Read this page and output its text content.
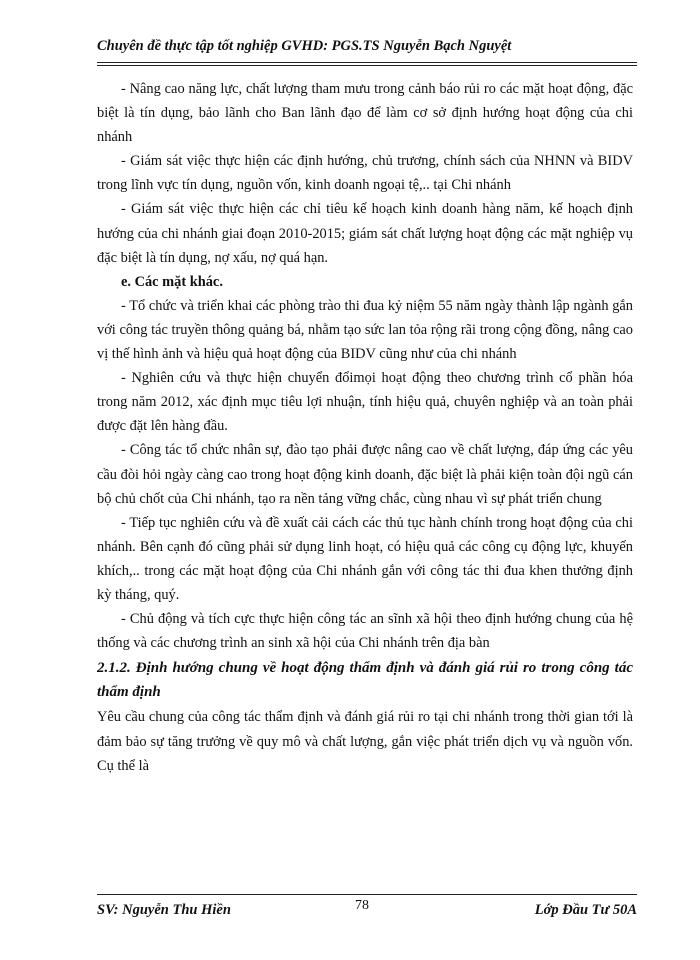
Chuyên đề thực tập tốt nghiệp GVHD: PGS.TS Nguyễn Bạch Nguyệt

- Nâng cao năng lực, chất lượng tham mưu trong cảnh báo rủi ro các mặt hoạt động, đặc biệt là tín dụng, bảo lãnh cho Ban lãnh đạo để làm cơ sở định hướng hoạt động của chi nhánh

- Giám sát việc thực hiện các định hướng, chủ trương, chính sách của NHNN và BIDV trong lĩnh vực tín dụng, nguồn vốn, kinh doanh ngoại tệ,.. tại Chi nhánh

- Giám sát việc thực hiện các chỉ tiêu kế hoạch kinh doanh hàng năm, kế hoạch định hướng của chi nhánh giai đoạn 2010-2015; giám sát chất lượng hoạt động các mặt nghiệp vụ đặc biệt là tín dụng, nợ xấu, nợ quá hạn.

e. Các mặt khác.

- Tổ chức và triển khai các phòng trào thi đua kỷ niệm 55 năm ngày thành lập ngành gắn với công tác truyền thông quảng bá, nhằm tạo sức lan tỏa rộng rãi trong cộng đồng, nâng cao vị thế hình ảnh và hiệu quả hoạt động của BIDV cũng như của chi nhánh

- Nghiên cứu và thực hiện chuyển đổimọi hoạt động theo chương trình cổ phần hóa trong năm 2012, xác định mục tiêu lợi nhuận, tính hiệu quả, chuyên nghiệp và an toàn phải được đặt lên hàng đầu.

- Công tác tổ chức nhân sự, đào tạo phải được nâng cao về chất lượng, đáp ứng các yêu cầu đòi hỏi ngày càng cao trong hoạt động kinh doanh, đặc biệt là phải kiện toàn đội ngũ cán bộ chủ chốt của Chi nhánh, tạo ra nền tảng vững chắc, cùng nhau vì sự phát triển chung

- Tiếp tục nghiên cứu và đề xuất cải cách các thủ tục hành chính trong hoạt động của chi nhánh. Bên cạnh đó cũng phải sử dụng linh hoạt, có hiệu quả các công cụ động lực, khuyến khích,.. trong các mặt hoạt động của Chi nhánh gắn với công tác thi đua khen thưởng định kỳ tháng, quý.

- Chủ động và tích cực thực hiện công tác an sĩnh xã hội theo định hướng chung của hệ thống và các chương trình an sinh xã hội của Chi nhánh trên địa bàn

2.1.2. Định hướng chung về hoạt động thẩm định và đánh giá rủi ro trong công tác thẩm định

Yêu cầu chung của công tác thẩm định và đánh giá rủi ro tại chi nhánh trong thời gian tới là đảm bảo sự tăng trưởng về quy mô và chất lượng, gắn việc phát triển dịch vụ và nguồn vốn. Cụ thể là

SV: Nguyễn Thu Hiền	78	Lớp Đầu Tư 50A
